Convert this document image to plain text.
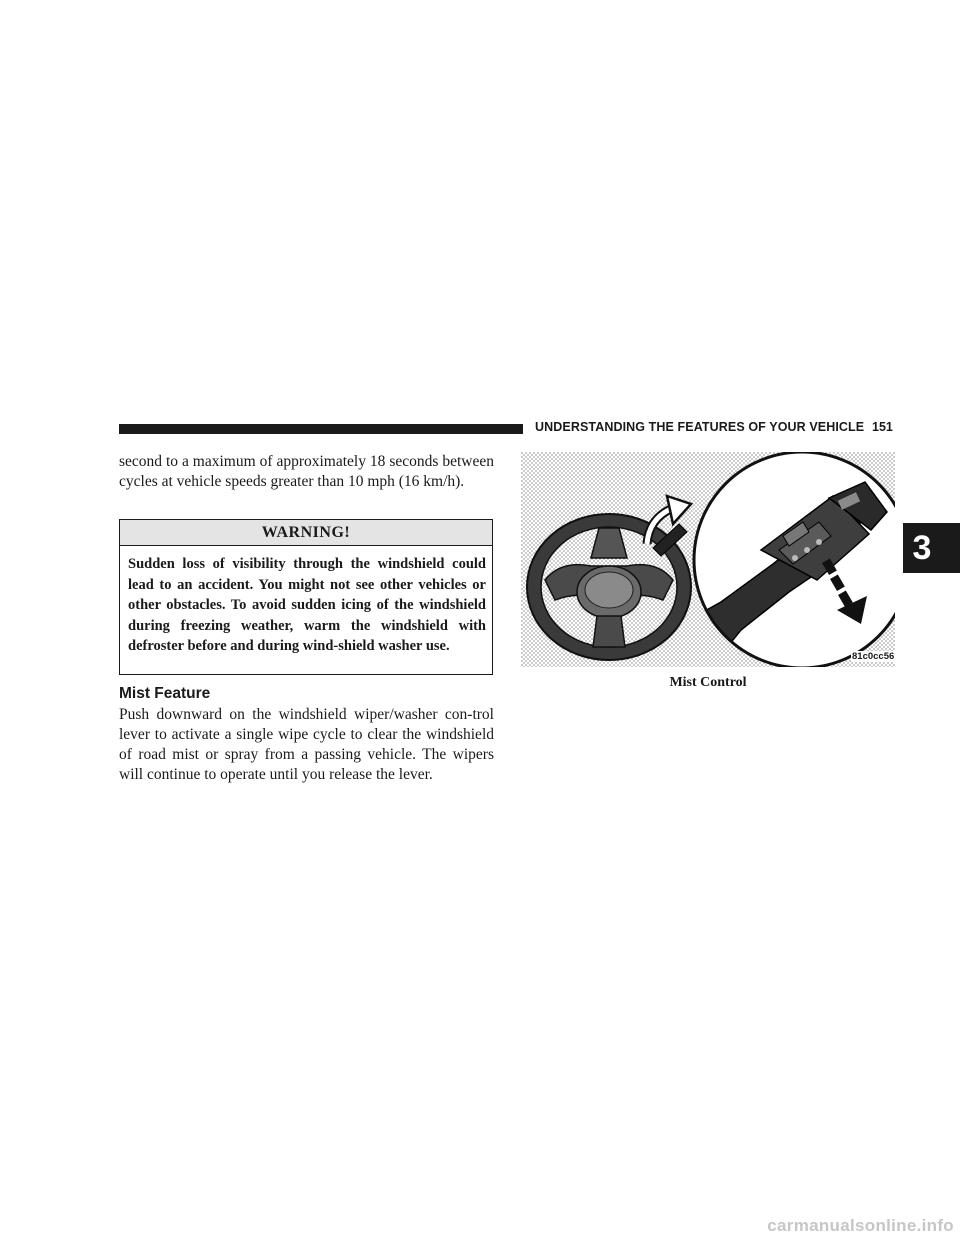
UNDERSTANDING THE FEATURES OF YOUR VEHICLE 151

second to a maximum of approximately 18 seconds between cycles at vehicle speeds greater than 10 mph (16 km/h).

WARNING!
Sudden loss of visibility through the windshield could lead to an accident. You might not see other vehicles or other obstacles. To avoid sudden icing of the windshield during freezing weather, warm the windshield with defroster before and during wind-shield washer use.
Mist Feature

Push downward on the windshield wiper/washer con-trol lever to activate a single wipe cycle to clear the windshield of road mist or spray from a passing vehicle. The wipers will continue to operate until you release the lever.

81c0cc56
Mist Control
3
carmanualsonline.info
